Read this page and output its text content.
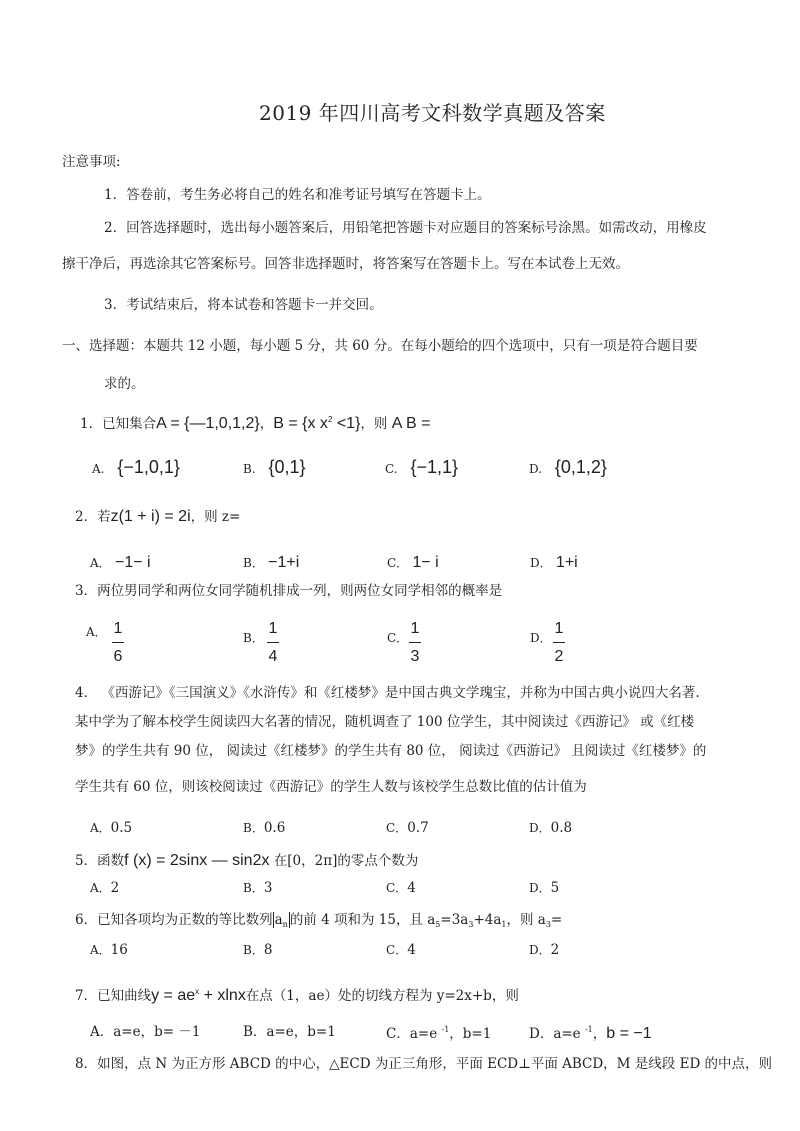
2019 年四川高考文科数学真题及答案
注意事项:
1．答卷前，考生务必将自己的姓名和准考证号填写在答题卡上。
2．回答选择题时，选出每小题答案后，用铅笔把答题卡对应题目的答案标号涂黑。如需改动，用橡皮
擦干净后，再选涂其它答案标号。回答非选择题时，将答案写在答题卡上。写在本试卷上无效。
3．考试结束后，将本试卷和答题卡一并交回。
一、选择题：本题共 12 小题，每小题 5 分，共 60 分。在每小题给的四个选项中，只有一项是符合题目要
求的。
1．已知集合A = {—1,0,1,2}，B = {x $x^2 <1$}，则 A B =
A. {−1,0,1}	B. {0,1}	C. {−1,1}	D. {0,1,2}
2．若z(1 + i) = 2i，则 z=
A． −1− i	B． −1+i	C． 1− i	D． 1+i
3．两位男同学和两位女同学随机排成一列，则两位女同学相邻的概率是
A． 1
6
B．
1
4
C．
1
3
D．
1
2
4． 《西游记》《三国演义》《水浒传》和《红楼梦》是中国古典文学瑰宝，并称为中国古典小说四大名著.
某中学为了解本校学生阅读四大名著的情况，随机调查了 100 位学生，其中阅读过《西游记》 或《红楼
梦》的学生共有 90 位， 阅读过《红楼梦》的学生共有 80 位， 阅读过《西游记》 且阅读过《红楼梦》的
学生共有 60 位，则该校阅读过《西游记》的学生人数与该校学生总数比值的估计值为
A．0.5	B．0.6	C．0.7	D．0.8
5．函数f (x) = 2sinx — sin2x 在[0，2π]的零点个数为
A．2	B．3	C．4	D．5
6．已知各项均为正数的等比数列 $a_n$ 的前 4 项和为 15，且 $a_5=3a_3+4a_1$，则 $a_3=$
A．16	B．8	C．4	D．2
7．已知曲线$y = ae^x + xlnx$在点（1，ae）处的切线方程为 y=2x+b，则
A．a=e，b= －1	B．a=e，b=1	C．a=e $^{-1}$，b=1	D．a=e $^{-1}$，b = −1
8．如图，点 N 为正方形 ABCD 的中心，△ECD 为正三角形，平面 ECD⊥平面 ABCD，M 是线段 ED 的中点，则
